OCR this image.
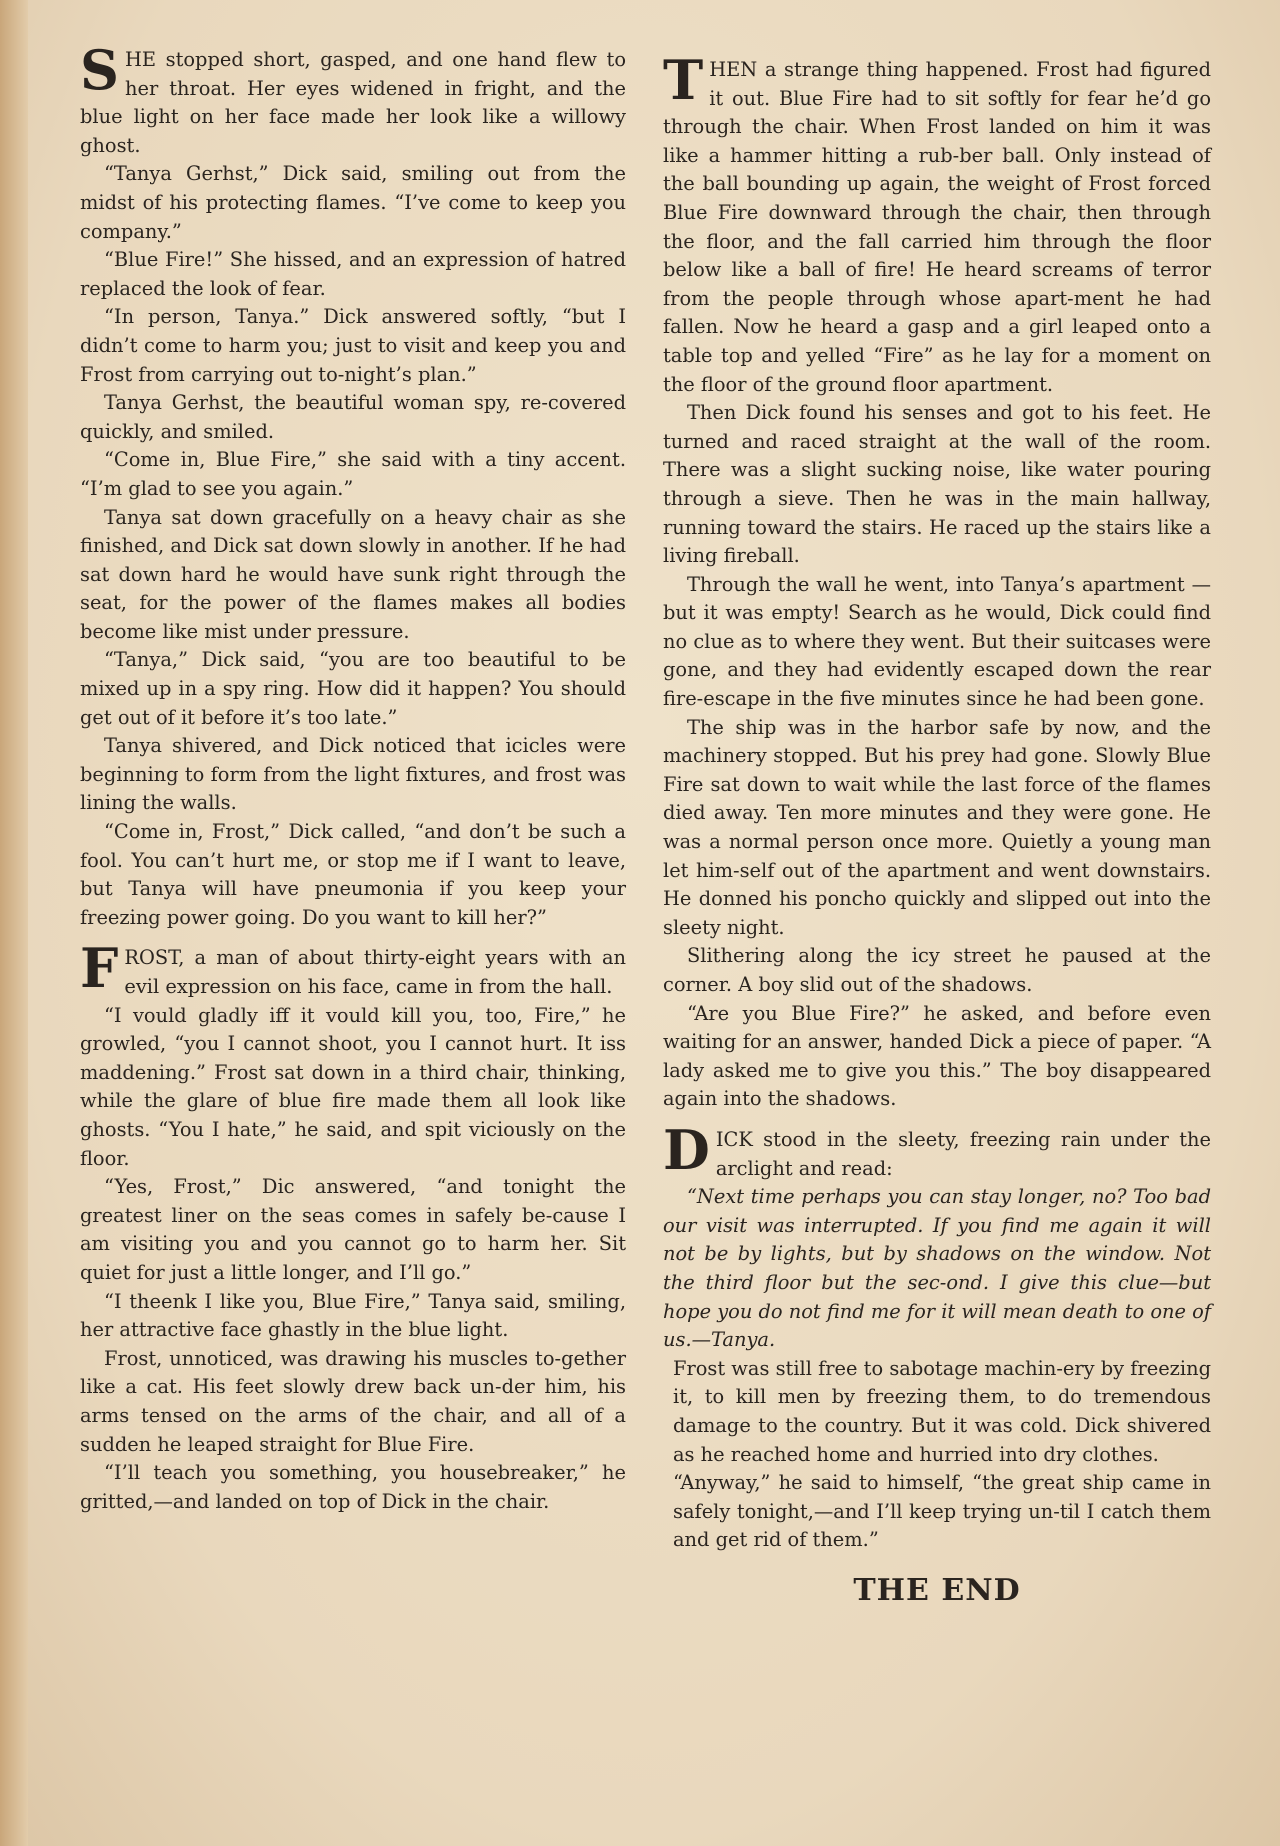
SHE stopped short, gasped, and one hand flew to her throat. Her eyes widened in fright, and the blue light on her face made her look like a willowy ghost.

“Tanya Gerhst,” Dick said, smiling out from the midst of his protecting flames. “I’ve come to keep you company.”

“Blue Fire!” She hissed, and an expression of hatred replaced the look of fear.

“In person, Tanya.” Dick answered softly, “but I didn’t come to harm you; just to visit and keep you and Frost from carrying out to-night’s plan.”

Tanya Gerhst, the beautiful woman spy, re-covered quickly, and smiled.

“Come in, Blue Fire,” she said with a tiny accent. “I’m glad to see you again.”

Tanya sat down gracefully on a heavy chair as she finished, and Dick sat down slowly in another. If he had sat down hard he would have sunk right through the seat, for the power of the flames makes all bodies become like mist under pressure.

“Tanya,” Dick said, “you are too beautiful to be mixed up in a spy ring. How did it happen? You should get out of it before it’s too late.”

Tanya shivered, and Dick noticed that icicles were beginning to form from the light fixtures, and frost was lining the walls.

“Come in, Frost,” Dick called, “and don’t be such a fool. You can’t hurt me, or stop me if I want to leave, but Tanya will have pneumonia if you keep your freezing power going. Do you want to kill her?”

FROST, a man of about thirty-eight years with an evil expression on his face, came in from the hall.

“I vould gladly iff it vould kill you, too, Fire,” he growled, “you I cannot shoot, you I cannot hurt. It iss maddening.” Frost sat down in a third chair, thinking, while the glare of blue fire made them all look like ghosts. “You I hate,” he said, and spit viciously on the floor.

“Yes, Frost,” Dic answered, “and tonight the greatest liner on the seas comes in safely be-cause I am visiting you and you cannot go to harm her. Sit quiet for just a little longer, and I’ll go.”

“I theenk I like you, Blue Fire,” Tanya said, smiling, her attractive face ghastly in the blue light.

Frost, unnoticed, was drawing his muscles to-gether like a cat. His feet slowly drew back un-der him, his arms tensed on the arms of the chair, and all of a sudden he leaped straight for Blue Fire.

“I’ll teach you something, you housebreaker,” he gritted,—and landed on top of Dick in the chair.

THEN a strange thing happened. Frost had figured it out. Blue Fire had to sit softly for fear he’d go through the chair. When Frost landed on him it was like a hammer hitting a rub-ber ball. Only instead of the ball bounding up again, the weight of Frost forced Blue Fire downward through the chair, then through the floor, and the fall carried him through the floor below like a ball of fire! He heard screams of terror from the people through whose apart-ment he had fallen. Now he heard a gasp and a girl leaped onto a table top and yelled “Fire” as he lay for a moment on the floor of the ground floor apartment.

Then Dick found his senses and got to his feet. He turned and raced straight at the wall of the room. There was a slight sucking noise, like water pouring through a sieve. Then he was in the main hallway, running toward the stairs. He raced up the stairs like a living fireball.

Through the wall he went, into Tanya’s apartment — but it was empty! Search as he would, Dick could find no clue as to where they went. But their suitcases were gone, and they had evidently escaped down the rear fire-escape in the five minutes since he had been gone.

The ship was in the harbor safe by now, and the machinery stopped. But his prey had gone. Slowly Blue Fire sat down to wait while the last force of the flames died away. Ten more minutes and they were gone. He was a normal person once more. Quietly a young man let him-self out of the apartment and went downstairs. He donned his poncho quickly and slipped out into the sleety night.

Slithering along the icy street he paused at the corner. A boy slid out of the shadows.

“Are you Blue Fire?” he asked, and before even waiting for an answer, handed Dick a piece of paper. “A lady asked me to give you this.” The boy disappeared again into the shadows.

DICK stood in the sleety, freezing rain under the arclight and read:

“Next time perhaps you can stay longer, no? Too bad our visit was interrupted. If you find me again it will not be by lights, but by shadows on the window. Not the third floor but the sec-ond. I give this clue—but hope you do not find me for it will mean death to one of us.—Tanya.

Frost was still free to sabotage machin-ery by freezing it, to kill men by freezing them, to do tremendous damage to the country. But it was cold. Dick shivered as he reached home and hurried into dry clothes.

“Anyway,” he said to himself, “the great ship came in safely tonight,—and I’ll keep trying un-til I catch them and get rid of them.”

THE END
